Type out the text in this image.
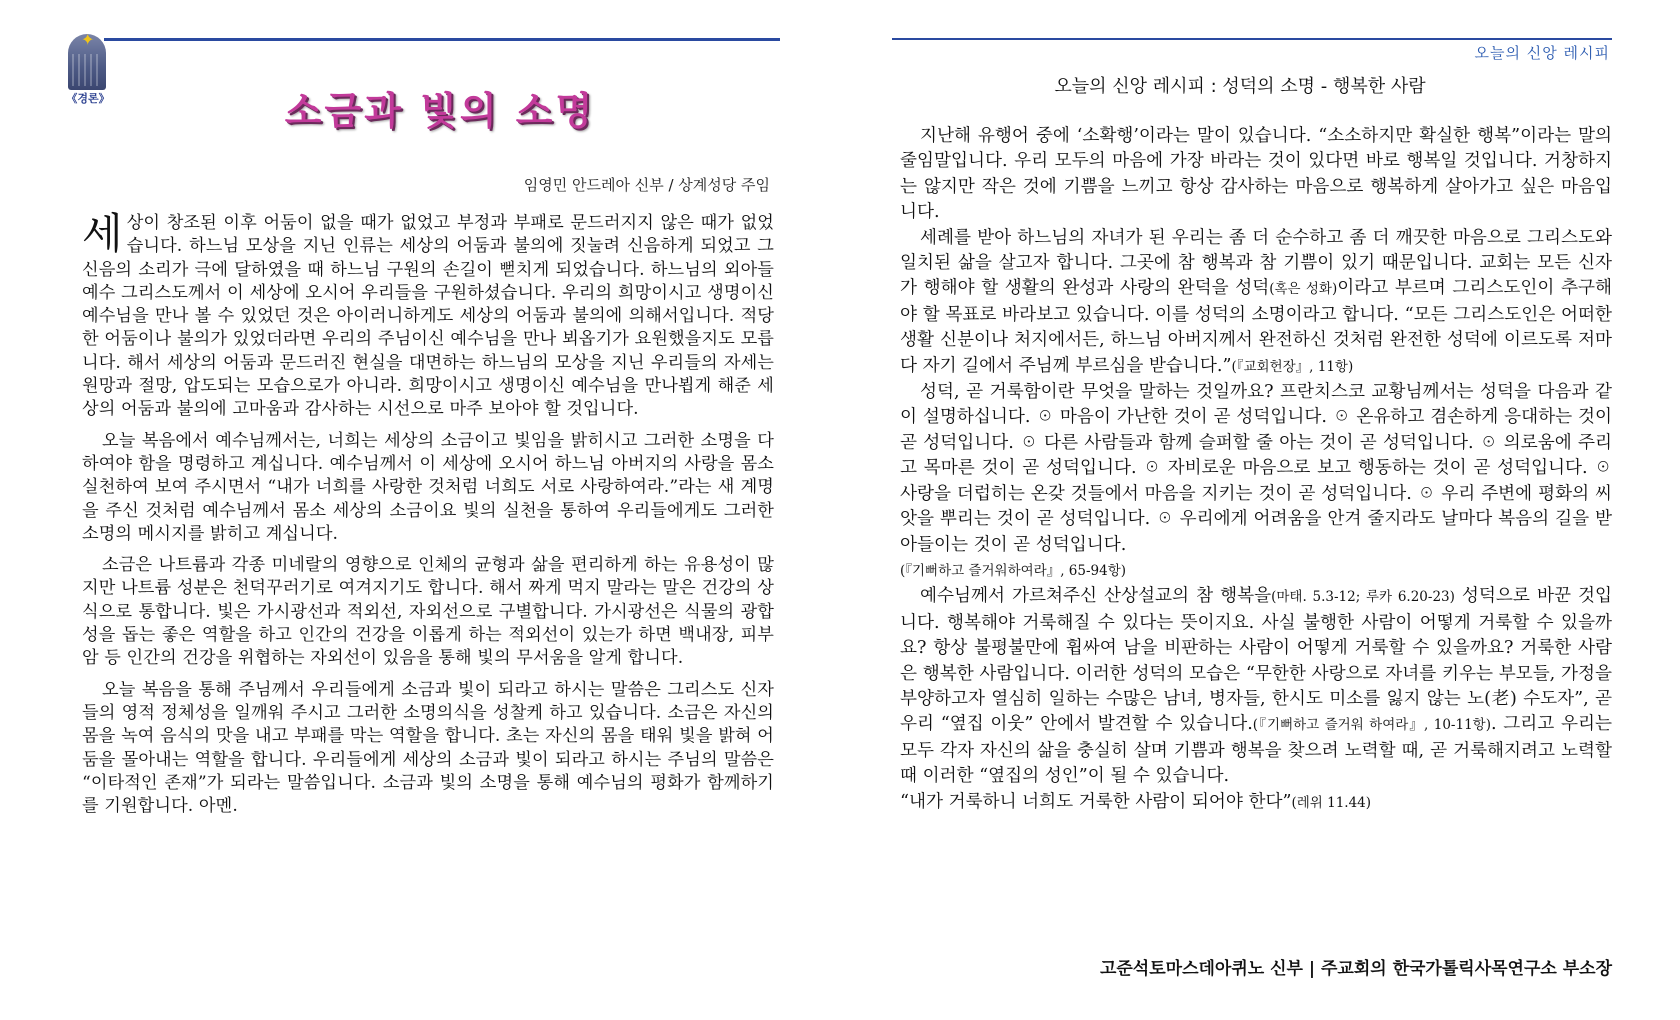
✦
《경론》	소금과 빛의 소명
임영민 안드레아 신부 / 상계성당 주임

세상이 창조된 이후 어둠이 없을 때가 없었고 부정과 부패로 문드러지지 않은 때가 없었습니다. 하느님 모상을 지닌 인류는 세상의 어둠과 불의에 짓눌려 신음하게 되었고 그 신음의 소리가 극에 달하였을 때 하느님 구원의 손길이 뻗치게 되었습니다. 하느님의 외아들 예수 그리스도께서 이 세상에 오시어 우리들을 구원하셨습니다. 우리의 희망이시고 생명이신 예수님을 만나 볼 수 있었던 것은 아이러니하게도 세상의 어둠과 불의에 의해서입니다. 적당한 어둠이나 불의가 있었더라면 우리의 주님이신 예수님을 만나 뵈옵기가 요원했을지도 모릅니다. 해서 세상의 어둠과 문드러진 현실을 대면하는 하느님의 모상을 지닌 우리들의 자세는 원망과 절망, 압도되는 모습으로가 아니라. 희망이시고 생명이신 예수님을 만나뵙게 해준 세상의 어둠과 불의에 고마움과 감사하는 시선으로 마주 보아야 할 것입니다.

오늘 복음에서 예수님께서는, 너희는 세상의 소금이고 빛임을 밝히시고 그러한 소명을 다하여야 함을 명령하고 계십니다. 예수님께서 이 세상에 오시어 하느님 아버지의 사랑을 몸소 실천하여 보여 주시면서 “내가 너희를 사랑한 것처럼 너희도 서로 사랑하여라.”라는 새 계명을 주신 것처럼 예수님께서 몸소 세상의 소금이요 빛의 실천을 통하여 우리들에게도 그러한 소명의 메시지를 밝히고 계십니다.

소금은 나트륨과 각종 미네랄의 영향으로 인체의 균형과 삶을 편리하게 하는 유용성이 많지만 나트륨 성분은 천덕꾸러기로 여겨지기도 합니다. 해서 짜게 먹지 말라는 말은 건강의 상식으로 통합니다. 빛은 가시광선과 적외선, 자외선으로 구별합니다. 가시광선은 식물의 광합성을 돕는 좋은 역할을 하고 인간의 건강을 이롭게 하는 적외선이 있는가 하면 백내장, 피부암 등 인간의 건강을 위협하는 자외선이 있음을 통해 빛의 무서움을 알게 합니다.

오늘 복음을 통해 주님께서 우리들에게 소금과 빛이 되라고 하시는 말씀은 그리스도 신자들의 영적 정체성을 일깨워 주시고 그러한 소명의식을 성찰케 하고 있습니다. 소금은 자신의 몸을 녹여 음식의 맛을 내고 부패를 막는 역할을 합니다. 초는 자신의 몸을 태워 빛을 밝혀 어둠을 몰아내는 역할을 합니다. 우리들에게 세상의 소금과 빛이 되라고 하시는 주님의 말씀은 “이타적인 존재”가 되라는 말씀입니다. 소금과 빛의 소명을 통해 예수님의 평화가 함께하기를 기원합니다. 아멘.

오늘의 신앙 레시피
오늘의 신앙 레시피 : 성덕의 소명 - 행복한 사람

지난해 유행어 중에 ‘소확행’이라는 말이 있습니다. “소소하지만 확실한 행복”이라는 말의 줄임말입니다. 우리 모두의 마음에 가장 바라는 것이 있다면 바로 행복일 것입니다. 거창하지는 않지만 작은 것에 기쁨을 느끼고 항상 감사하는 마음으로 행복하게 살아가고 싶은 마음입니다.

세례를 받아 하느님의 자녀가 된 우리는 좀 더 순수하고 좀 더 깨끗한 마음으로 그리스도와 일치된 삶을 살고자 합니다. 그곳에 참 행복과 참 기쁨이 있기 때문입니다. 교회는 모든 신자가 행해야 할 생활의 완성과 사랑의 완덕을 성덕(혹은 성화)이라고 부르며 그리스도인이 추구해야 할 목표로 바라보고 있습니다. 이를 성덕의 소명이라고 합니다. “모든 그리스도인은 어떠한 생활 신분이나 처지에서든, 하느님 아버지께서 완전하신 것처럼 완전한 성덕에 이르도록 저마다 자기 길에서 주님께 부르심을 받습니다.”(『교회헌장』, 11항)

성덕, 곧 거룩함이란 무엇을 말하는 것일까요? 프란치스코 교황님께서는 성덕을 다음과 같이 설명하십니다. ☉ 마음이 가난한 것이 곧 성덕입니다. ☉ 온유하고 겸손하게 응대하는 것이 곧 성덕입니다. ☉ 다른 사람들과 함께 슬퍼할 줄 아는 것이 곧 성덕입니다. ☉ 의로움에 주리고 목마른 것이 곧 성덕입니다. ☉ 자비로운 마음으로 보고 행동하는 것이 곧 성덕입니다. ☉ 사랑을 더럽히는 온갖 것들에서 마음을 지키는 것이 곧 성덕입니다. ☉ 우리 주변에 평화의 씨앗을 뿌리는 것이 곧 성덕입니다. ☉ 우리에게 어려움을 안겨 줄지라도 날마다 복음의 길을 받아들이는 것이 곧 성덕입니다.
(『기뻐하고 즐거워하여라』, 65-94항)

예수님께서 가르쳐주신 산상설교의 참 행복을(마태. 5.3-12; 루카 6.20-23) 성덕으로 바꾼 것입니다. 행복해야 거룩해질 수 있다는 뜻이지요. 사실 불행한 사람이 어떻게 거룩할 수 있을까요? 항상 불평불만에 휩싸여 남을 비판하는 사람이 어떻게 거룩할 수 있을까요? 거룩한 사람은 행복한 사람입니다. 이러한 성덕의 모습은 “무한한 사랑으로 자녀를 키우는 부모들, 가정을 부양하고자 열심히 일하는 수많은 남녀, 병자들, 한시도 미소를 잃지 않는 노(老) 수도자”, 곧 우리 “옆집 이웃” 안에서 발견할 수 있습니다.(『기뻐하고 즐거워 하여라』, 10-11항). 그리고 우리는 모두 각자 자신의 삶을 충실히 살며 기쁨과 행복을 찾으려 노력할 때, 곧 거룩해지려고 노력할 때 이러한 “옆집의 성인”이 될 수 있습니다.

“내가 거룩하니 너희도 거룩한 사람이 되어야 한다”(레위 11.44)

고준석토마스데아퀴노 신부 | 주교회의 한국가톨릭사목연구소 부소장
